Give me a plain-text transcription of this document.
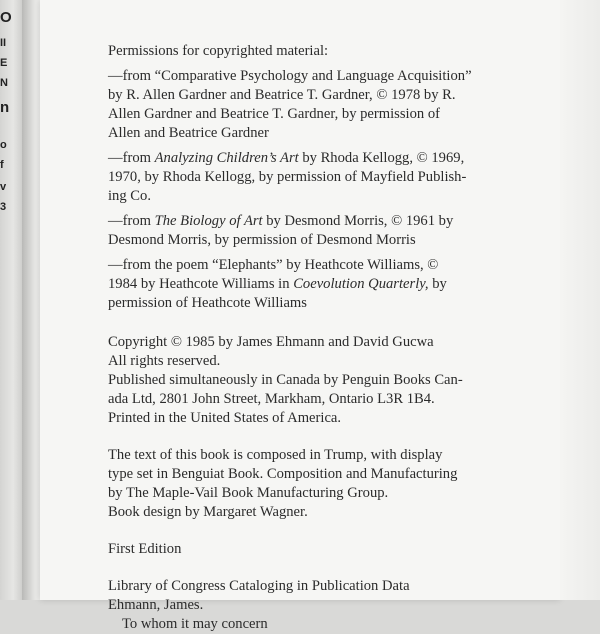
O
II
E
N
n
o
f
v
3

Permissions for copyrighted material:

—from “Comparative Psychology and Language Acquisition”

by R. Allen Gardner and Beatrice T. Gardner, © 1978 by R.

Allen Gardner and Beatrice T. Gardner, by permission of

Allen and Beatrice Gardner

—from Analyzing Children’s Art by Rhoda Kellogg, © 1969,

1970, by Rhoda Kellogg, by permission of Mayfield Publish-

ing Co.

—from The Biology of Art by Desmond Morris, © 1961 by

Desmond Morris, by permission of Desmond Morris

—from the poem “Elephants” by Heathcote Williams, ©

1984 by Heathcote Williams in Coevolution Quarterly, by

permission of Heathcote Williams

Copyright © 1985 by James Ehmann and David Gucwa

All rights reserved.

Published simultaneously in Canada by Penguin Books Can-

ada Ltd, 2801 John Street, Markham, Ontario L3R 1B4.

Printed in the United States of America.

The text of this book is composed in Trump, with display

type set in Benguiat Book. Composition and Manufacturing

by The Maple-Vail Book Manufacturing Group.

Book design by Margaret Wagner.

First Edition

Library of Congress Cataloging in Publication Data

Ehmann, James.

To whom it may concern
